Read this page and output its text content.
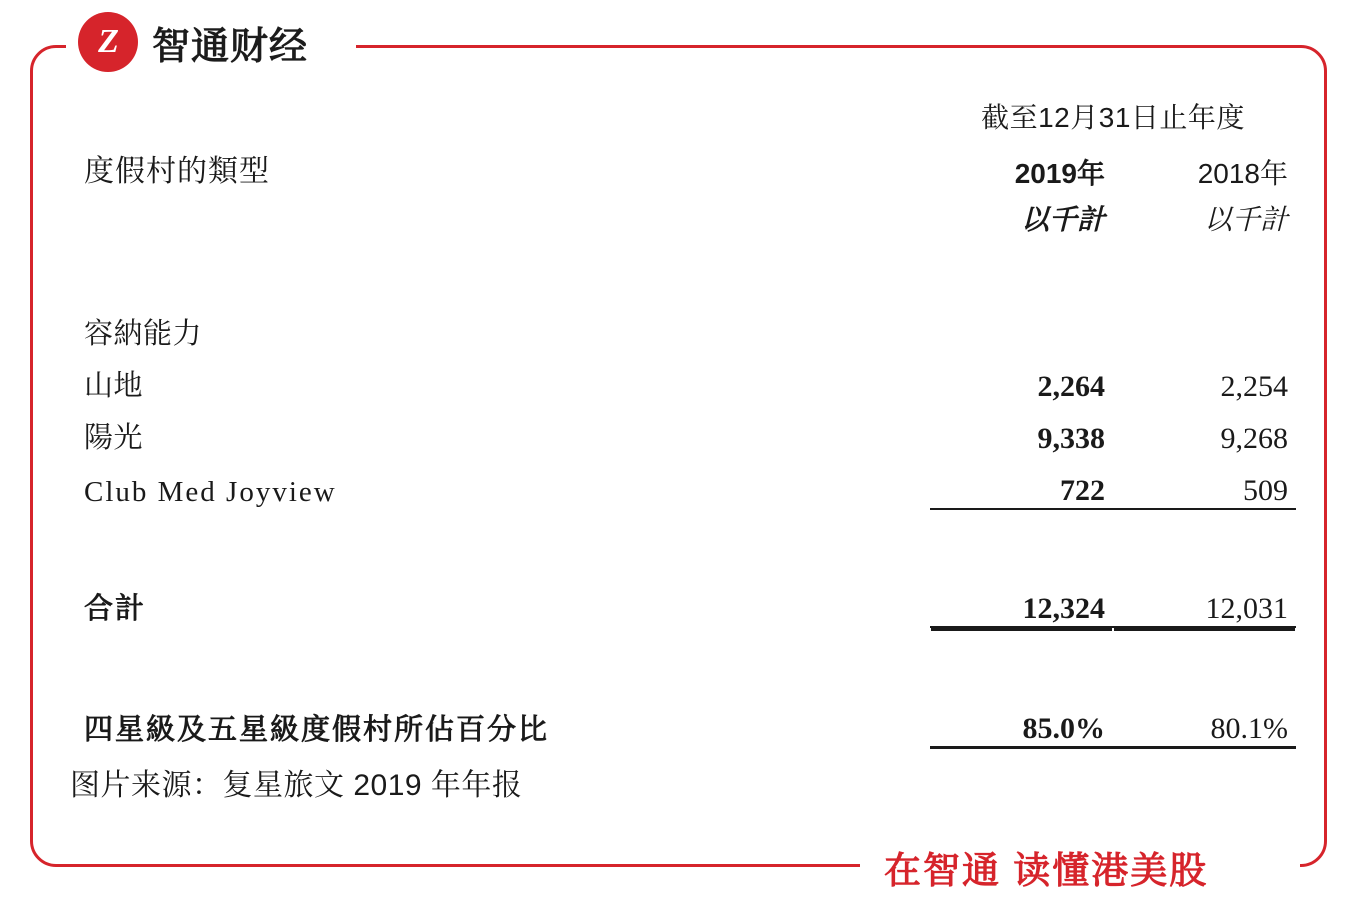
Z 智通财经
	截至12月31日止年度	
度假村的類型	2019年	2018年
	以千計	以千計

容納能力		
山地	2,264	2,254
陽光	9,338	9,268
Club Med Joyview	722	509

合計	12,324	12,031

四星級及五星級度假村所佔百分比	85.0%	80.1%
图片来源：复星旅文 2019 年年报
在智通 读懂港美股
